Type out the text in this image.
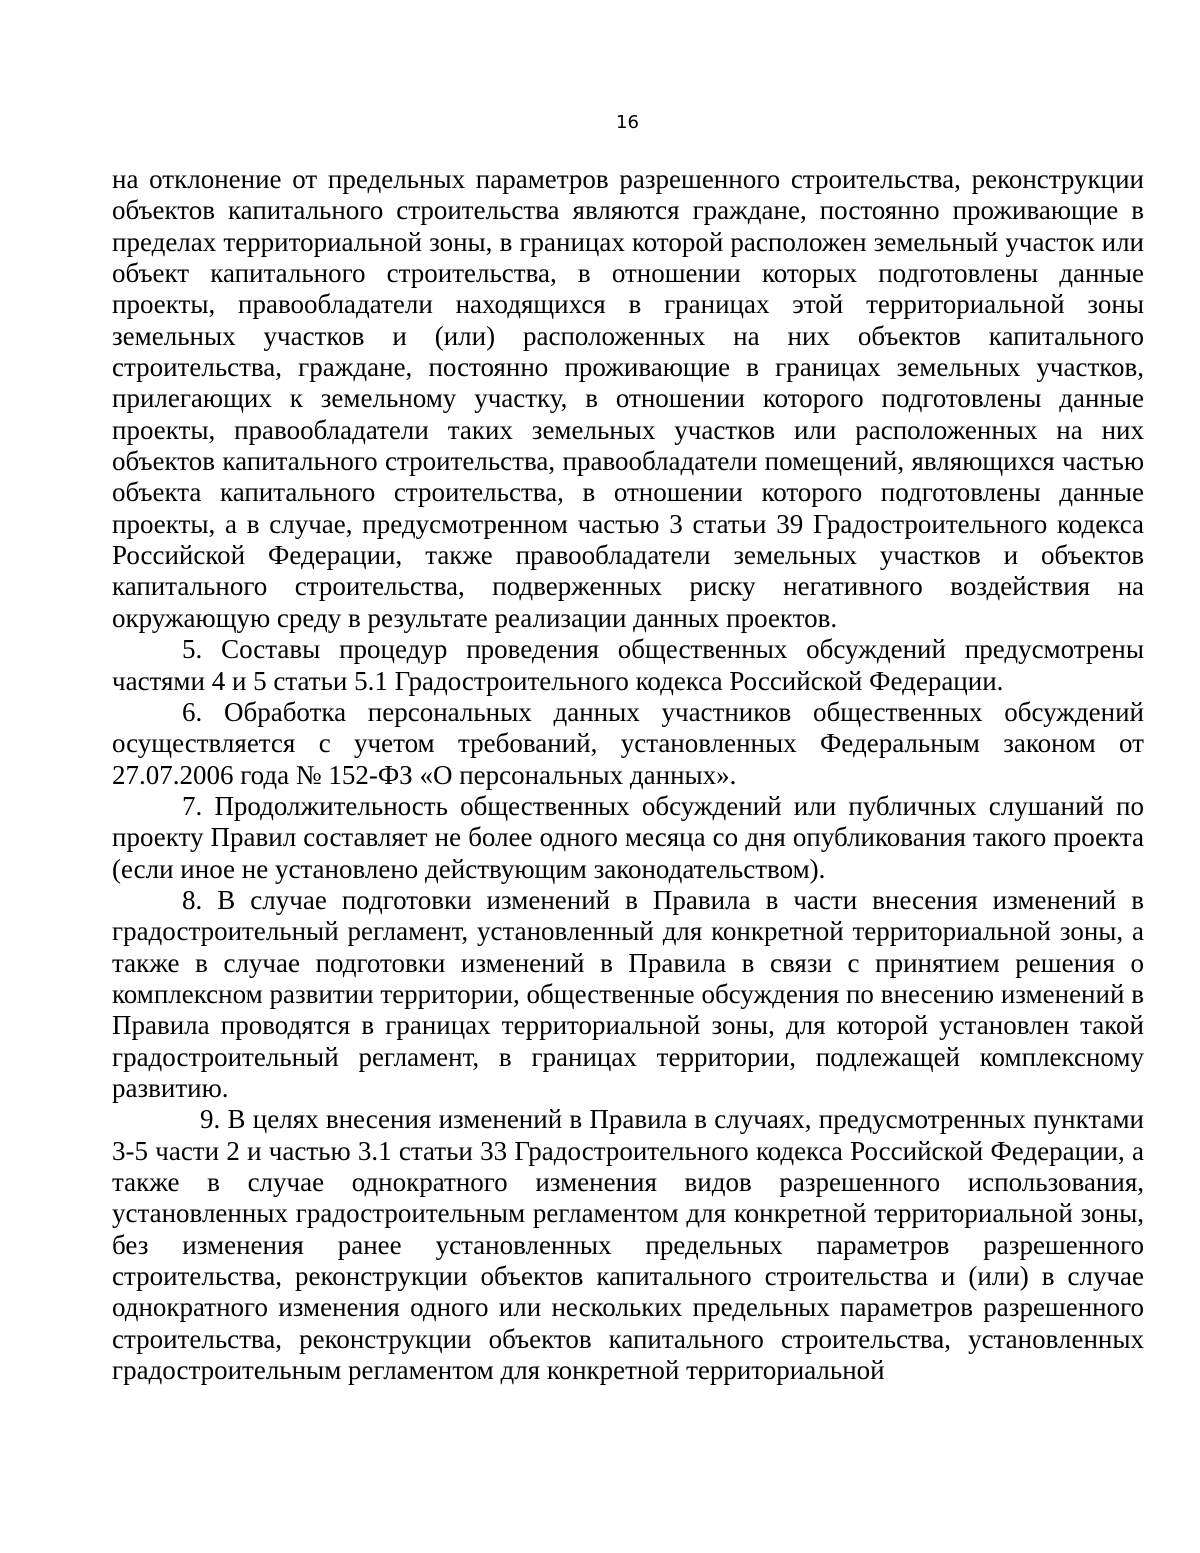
16

на отклонение от предельных параметров разрешенного строительства, реконструкции объектов капитального строительства являются граждане, постоянно проживающие в пределах территориальной зоны, в границах которой расположен земельный участок или объект капитального строительства, в отношении которых подготовлены данные проекты, правообладатели находящихся в границах этой территориальной зоны земельных участков и (или) расположенных на них объектов капитального строительства, граждане, постоянно проживающие в границах земельных участков, прилегающих к земельному участку, в отношении которого подготовлены данные проекты, правообладатели таких земельных участков или расположенных на них объектов капитального строительства, правообладатели помещений, являющихся частью объекта капитального строительства, в отношении которого подготовлены данные проекты, а в случае, предусмотренном частью 3 статьи 39 Градостроительного кодекса Российской Федерации, также правообладатели земельных участков и объектов капитального строительства, подверженных риску негативного воздействия на окружающую среду в результате реализации данных проектов.

5. Составы процедур проведения общественных обсуждений предусмотрены частями 4 и 5 статьи 5.1 Градостроительного кодекса Российской Федерации.

6. Обработка персональных данных участников общественных обсуждений осуществляется с учетом требований, установленных Федеральным законом от 27.07.2006 года № 152-ФЗ «О персональных данных».

7. Продолжительность общественных обсуждений или публичных слушаний по проекту Правил составляет не более одного месяца со дня опубликования такого проекта (если иное не установлено действующим законодательством).

8. В случае подготовки изменений в Правила в части внесения изменений в градостроительный регламент, установленный для конкретной территориальной зоны, а также в случае подготовки изменений в Правила в связи с принятием решения о комплексном развитии территории, общественные обсуждения по внесению изменений в Правила проводятся в границах территориальной зоны, для которой установлен такой градостроительный регламент, в границах территории, подлежащей комплексному развитию.

9. В целях внесения изменений в Правила в случаях, предусмотренных пунктами 3-5 части 2 и частью 3.1 статьи 33 Градостроительного кодекса Российской Федерации, а также в случае однократного изменения видов разрешенного использования, установленных градостроительным регламентом для конкретной территориальной зоны, без изменения ранее установленных предельных параметров разрешенного строительства, реконструкции объектов капитального строительства и (или) в случае однократного изменения одного или нескольких предельных параметров разрешенного строительства, реконструкции объектов капитального строительства, установленных градостроительным регламентом для конкретной территориальной
